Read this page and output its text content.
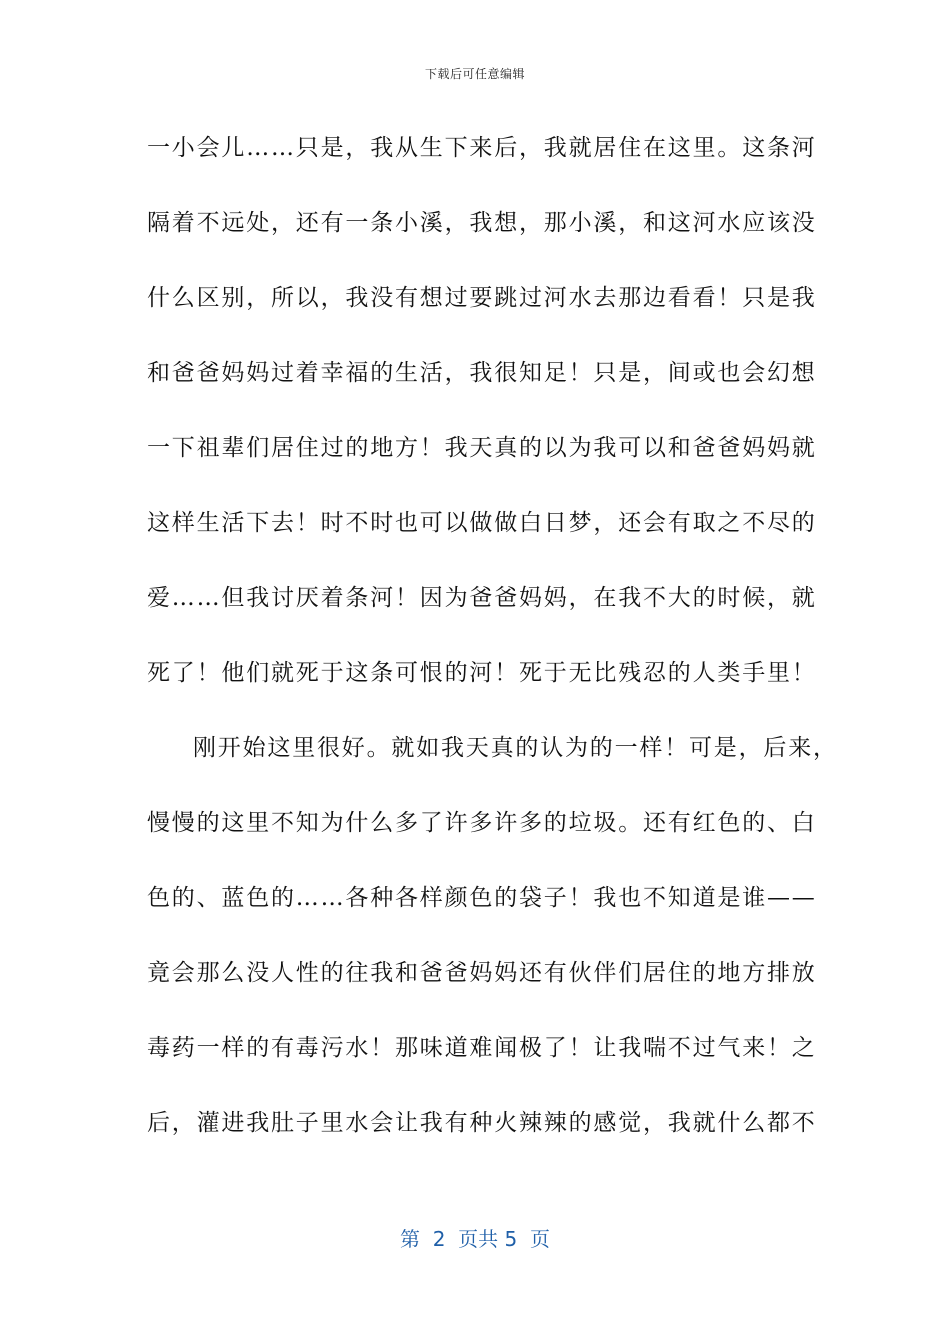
下载后可任意编辑
一小会儿……只是，我从生下来后，我就居住在这里。这条河
隔着不远处，还有一条小溪，我想，那小溪，和这河水应该没
什么区别，所以，我没有想过要跳过河水去那边看看！只是我
和爸爸妈妈过着幸福的生活，我很知足！只是，间或也会幻想
一下祖辈们居住过的地方！我天真的以为我可以和爸爸妈妈就
这样生活下去！时不时也可以做做白日梦，还会有取之不尽的
爱……但我讨厌着条河！因为爸爸妈妈，在我不大的时候，就
死了！他们就死于这条可恨的河！死于无比残忍的人类手里！
刚开始这里很好。就如我天真的认为的一样！可是，后来，
慢慢的这里不知为什么多了许多许多的垃圾。还有红色的、白
色的、蓝色的……各种各样颜色的袋子！我也不知道是谁——
竟会那么没人性的往我和爸爸妈妈还有伙伴们居住的地方排放
毒药一样的有毒污水！那味道难闻极了！让我喘不过气来！之
后，灌进我肚子里水会让我有种火辣辣的感觉，我就什么都不
第  2  页共 5  页
